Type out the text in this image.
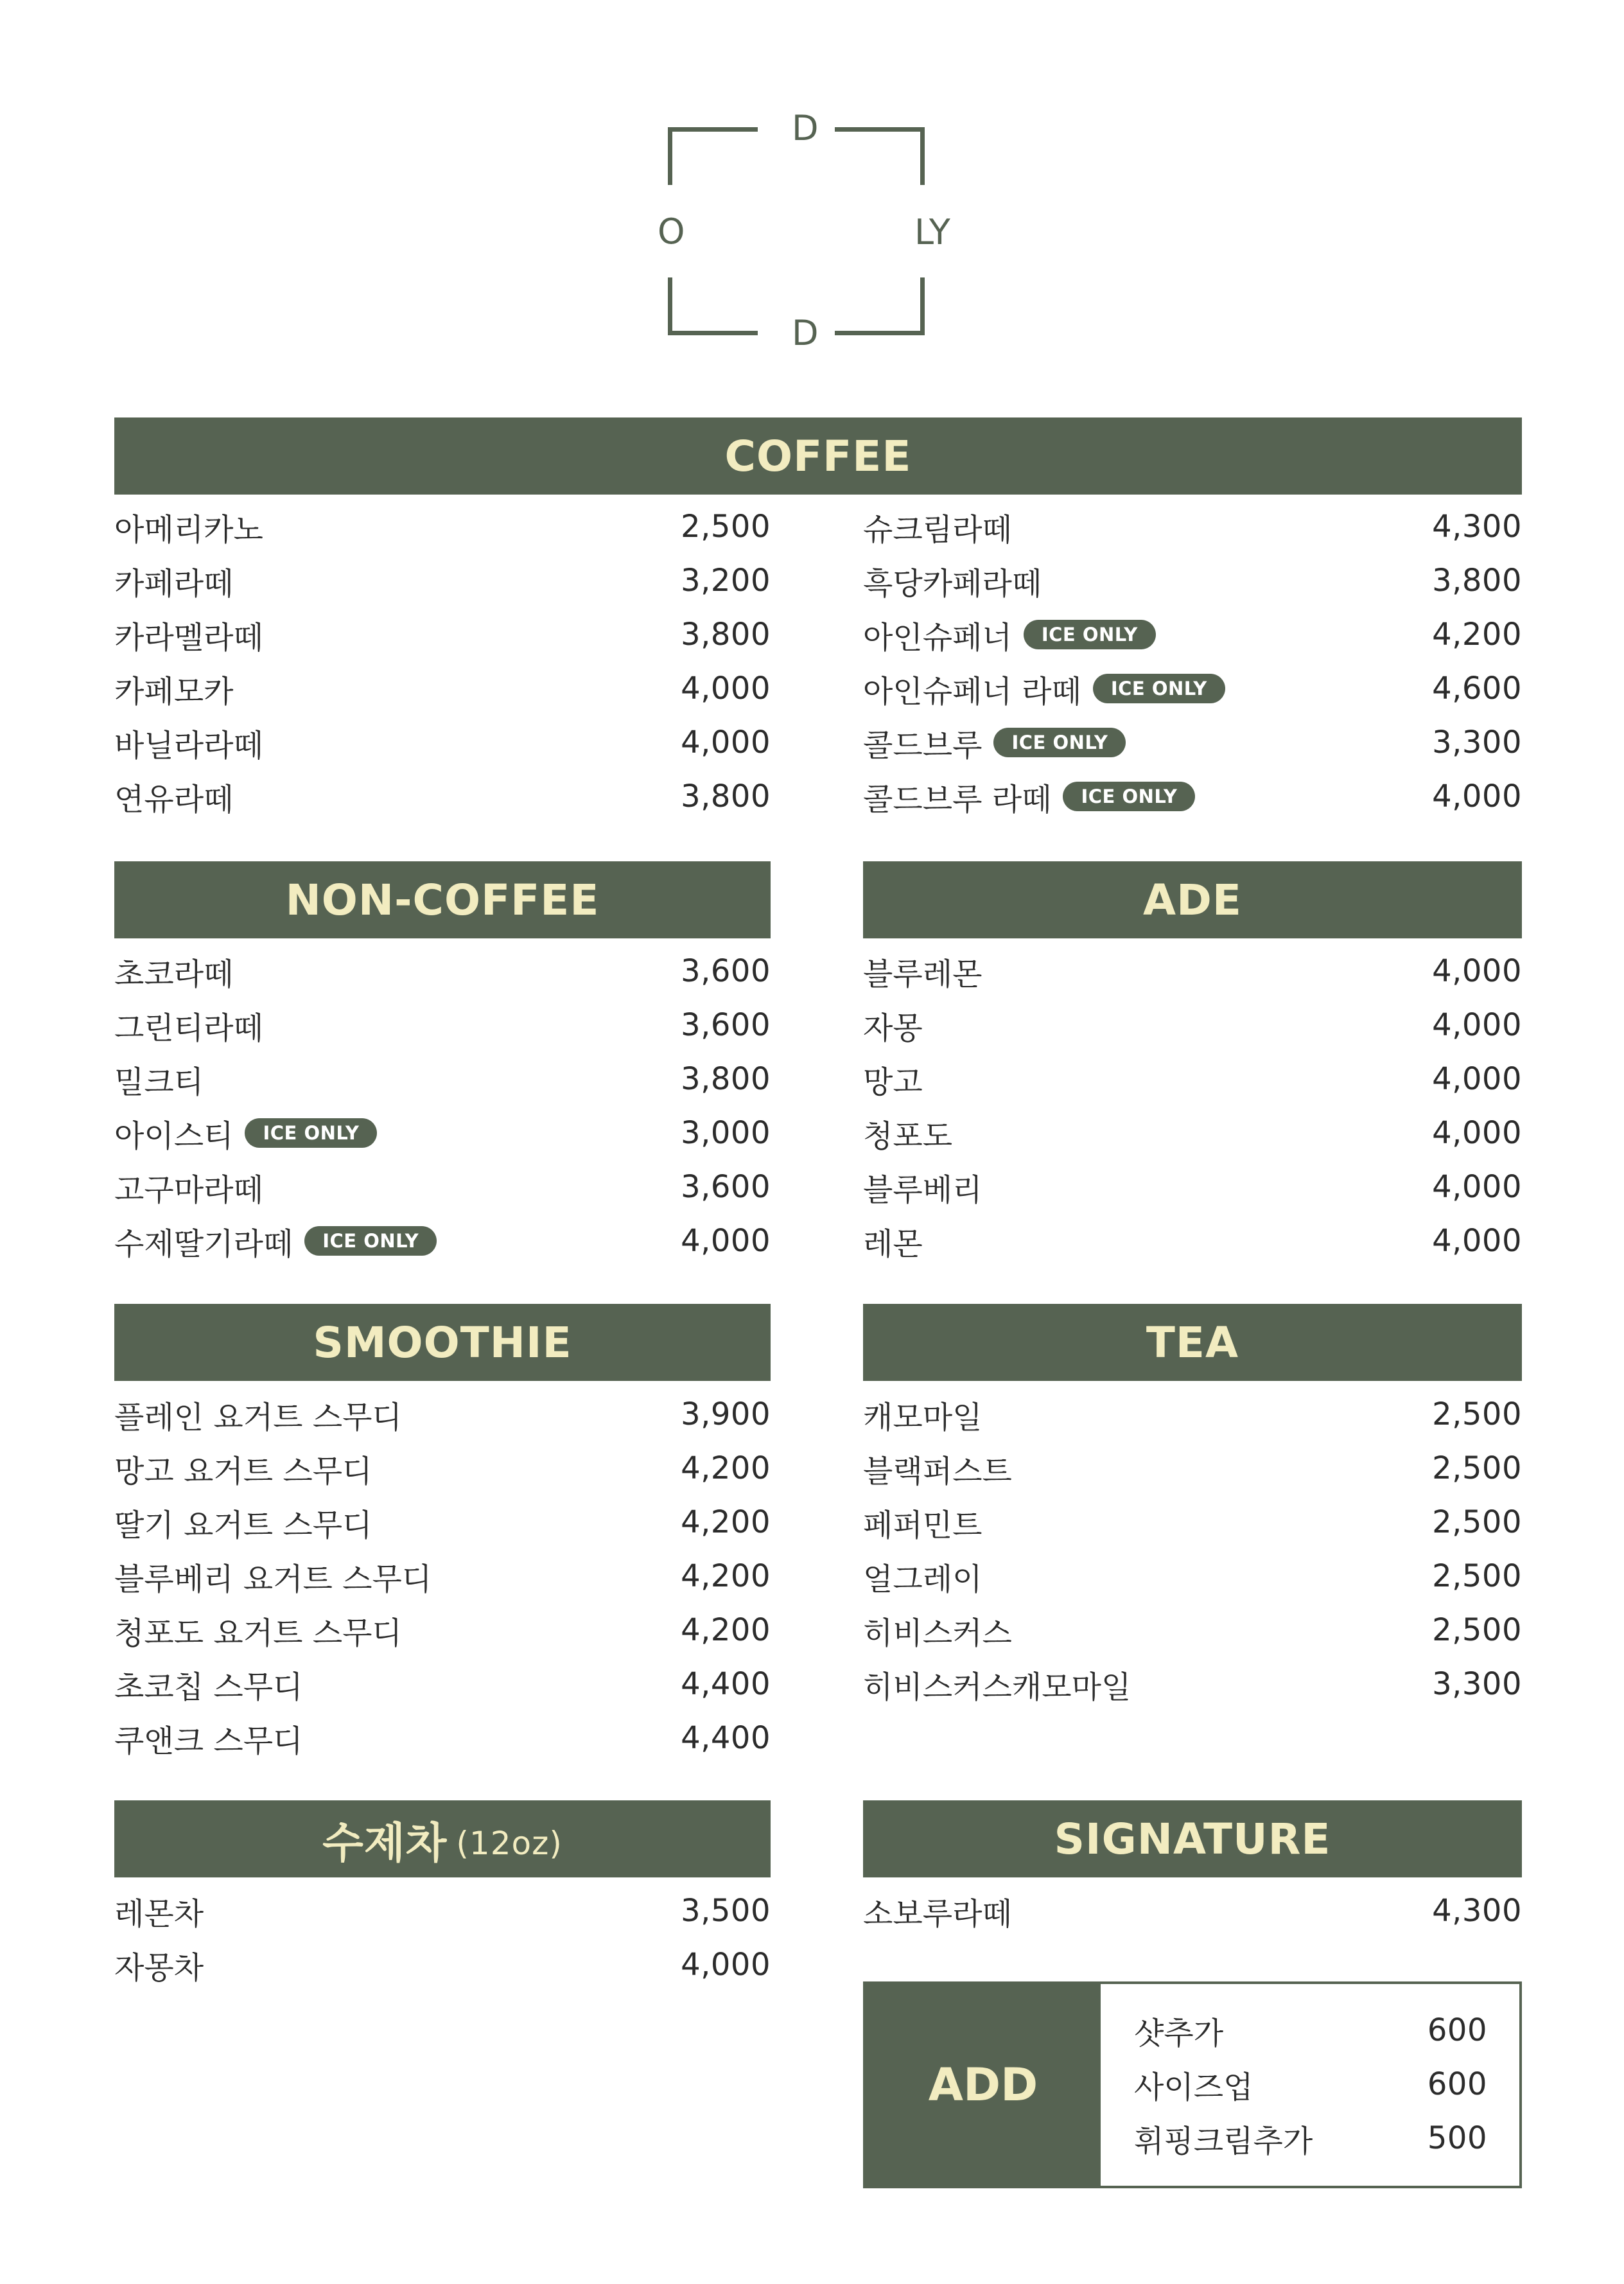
D
O	LY
D
COFFEE
아메리카노	2,500
카페라떼	3,200
카라멜라떼	3,800
카페모카	4,000
바닐라라떼	4,000
연유라떼	3,800
슈크림라떼	4,300
흑당카페라떼	3,800
아인슈페너	ICE ONLY	4,200
아인슈페너 라떼	ICE ONLY	4,600
콜드브루	ICE ONLY	3,300
콜드브루 라떼	ICE ONLY	4,000
NON-COFFEE
초코라떼	3,600
그린티라떼	3,600
밀크티	3,800
아이스티	ICE ONLY	3,000
고구마라떼	3,600
수제딸기라떼	ICE ONLY	4,000
ADE
블루레몬	4,000
자몽	4,000
망고	4,000
청포도	4,000
블루베리	4,000
레몬	4,000
SMOOTHIE
플레인 요거트 스무디	3,900
망고 요거트 스무디	4,200
딸기 요거트 스무디	4,200
블루베리 요거트 스무디	4,200
청포도 요거트 스무디	4,200
초코칩 스무디	4,400
쿠앤크 스무디	4,400
TEA
캐모마일	2,500
블랙퍼스트	2,500
페퍼민트	2,500
얼그레이	2,500
히비스커스	2,500
히비스커스캐모마일	3,300
수제차 (12oz)
레몬차	3,500
자몽차	4,000
SIGNATURE
소보루라떼	4,300
ADD
샷추가	600
사이즈업	600
휘핑크림추가	500
